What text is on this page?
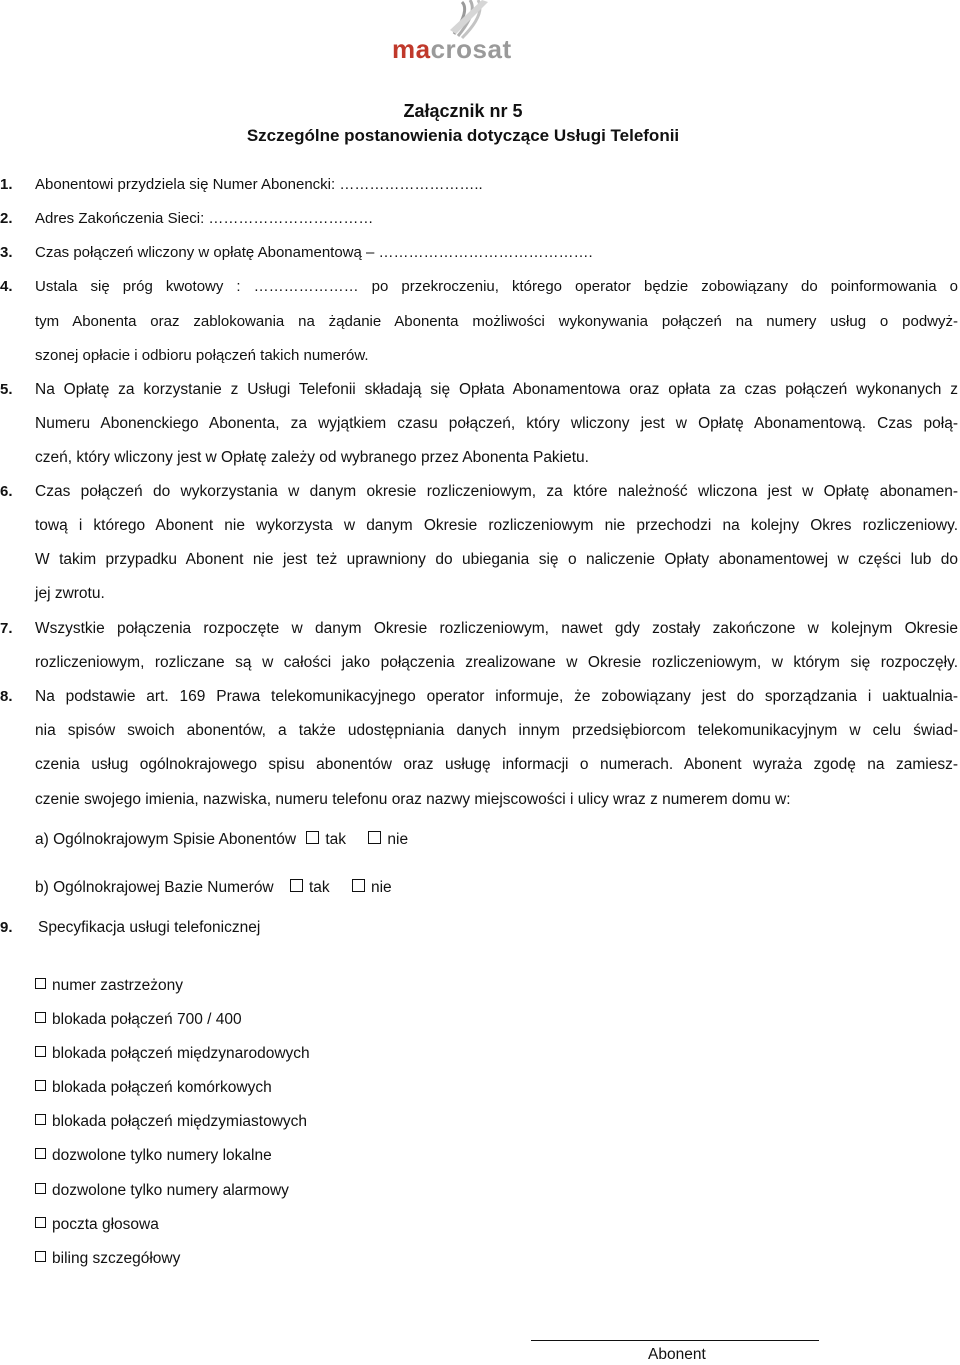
macrosat
Załącznik nr 5
Szczególne postanowienia dotyczące Usługi Telefonii
1. Abonentowi przydziela się Numer Abonencki: ………………………..
2. Adres Zakończenia Sieci: ……………………………
3. Czas połączeń wliczony w opłatę Abonamentową – …………………………………….
4. Ustala się próg kwotowy : ………………… po przekroczeniu, którego operator będzie zobowiązany do poinformowania o
tym Abonenta oraz zablokowania na żądanie Abonenta możliwości wykonywania połączeń na numery usług o podwyż-
szonej opłacie i odbioru połączeń takich numerów.
5. Na Opłatę za korzystanie z Usługi Telefonii składają się Opłata Abonamentowa oraz opłata za czas połączeń wykonanych z
Numeru Abonenckiego Abonenta, za wyjątkiem czasu połączeń, który wliczony jest w Opłatę Abonamentową. Czas połą-
czeń, który wliczony jest w Opłatę zależy od wybranego przez Abonenta Pakietu.
6. Czas połączeń do wykorzystania w danym okresie rozliczeniowym, za które należność wliczona jest w Opłatę abonamen-
tową i którego Abonent nie wykorzysta w danym Okresie rozliczeniowym nie przechodzi na kolejny Okres rozliczeniowy.
W takim przypadku Abonent nie jest też uprawniony do ubiegania się o naliczenie Opłaty abonamentowej w części lub do
jej zwrotu.
7. Wszystkie połączenia rozpoczęte w danym Okresie rozliczeniowym, nawet gdy zostały zakończone w kolejnym Okresie
rozliczeniowym, rozliczane są w całości jako połączenia zrealizowane w Okresie rozliczeniowym, w którym się rozpoczęły.
8. Na podstawie art. 169 Prawa telekomunikacyjnego operator informuje, że zobowiązany jest do sporządzania i uaktualnia-
nia spisów swoich abonentów, a także udostępniania danych innym przedsiębiorcom telekomunikacyjnym w celu świad-
czenia usług ogólnokrajowego spisu abonentów oraz usługę informacji o numerach. Abonent wyraża zgodę na zamiesz-
czenie swojego imienia, nazwiska, numeru telefonu oraz nazwy miejscowości i ulicy wraz z numerem domu w:
a) Ogólnokrajowym Spisie Abonentów tak	nie
b) Ogólnokrajowej Bazie Numerów tak	nie
9. Specyfikacja usługi telefonicznej
numer zastrzeżony
blokada połączeń 700 / 400
blokada połączeń międzynarodowych
blokada połączeń komórkowych
blokada połączeń międzymiastowych
dozwolone tylko numery lokalne
dozwolone tylko numery alarmowy
poczta głosowa
biling szczegółowy
Abonent
